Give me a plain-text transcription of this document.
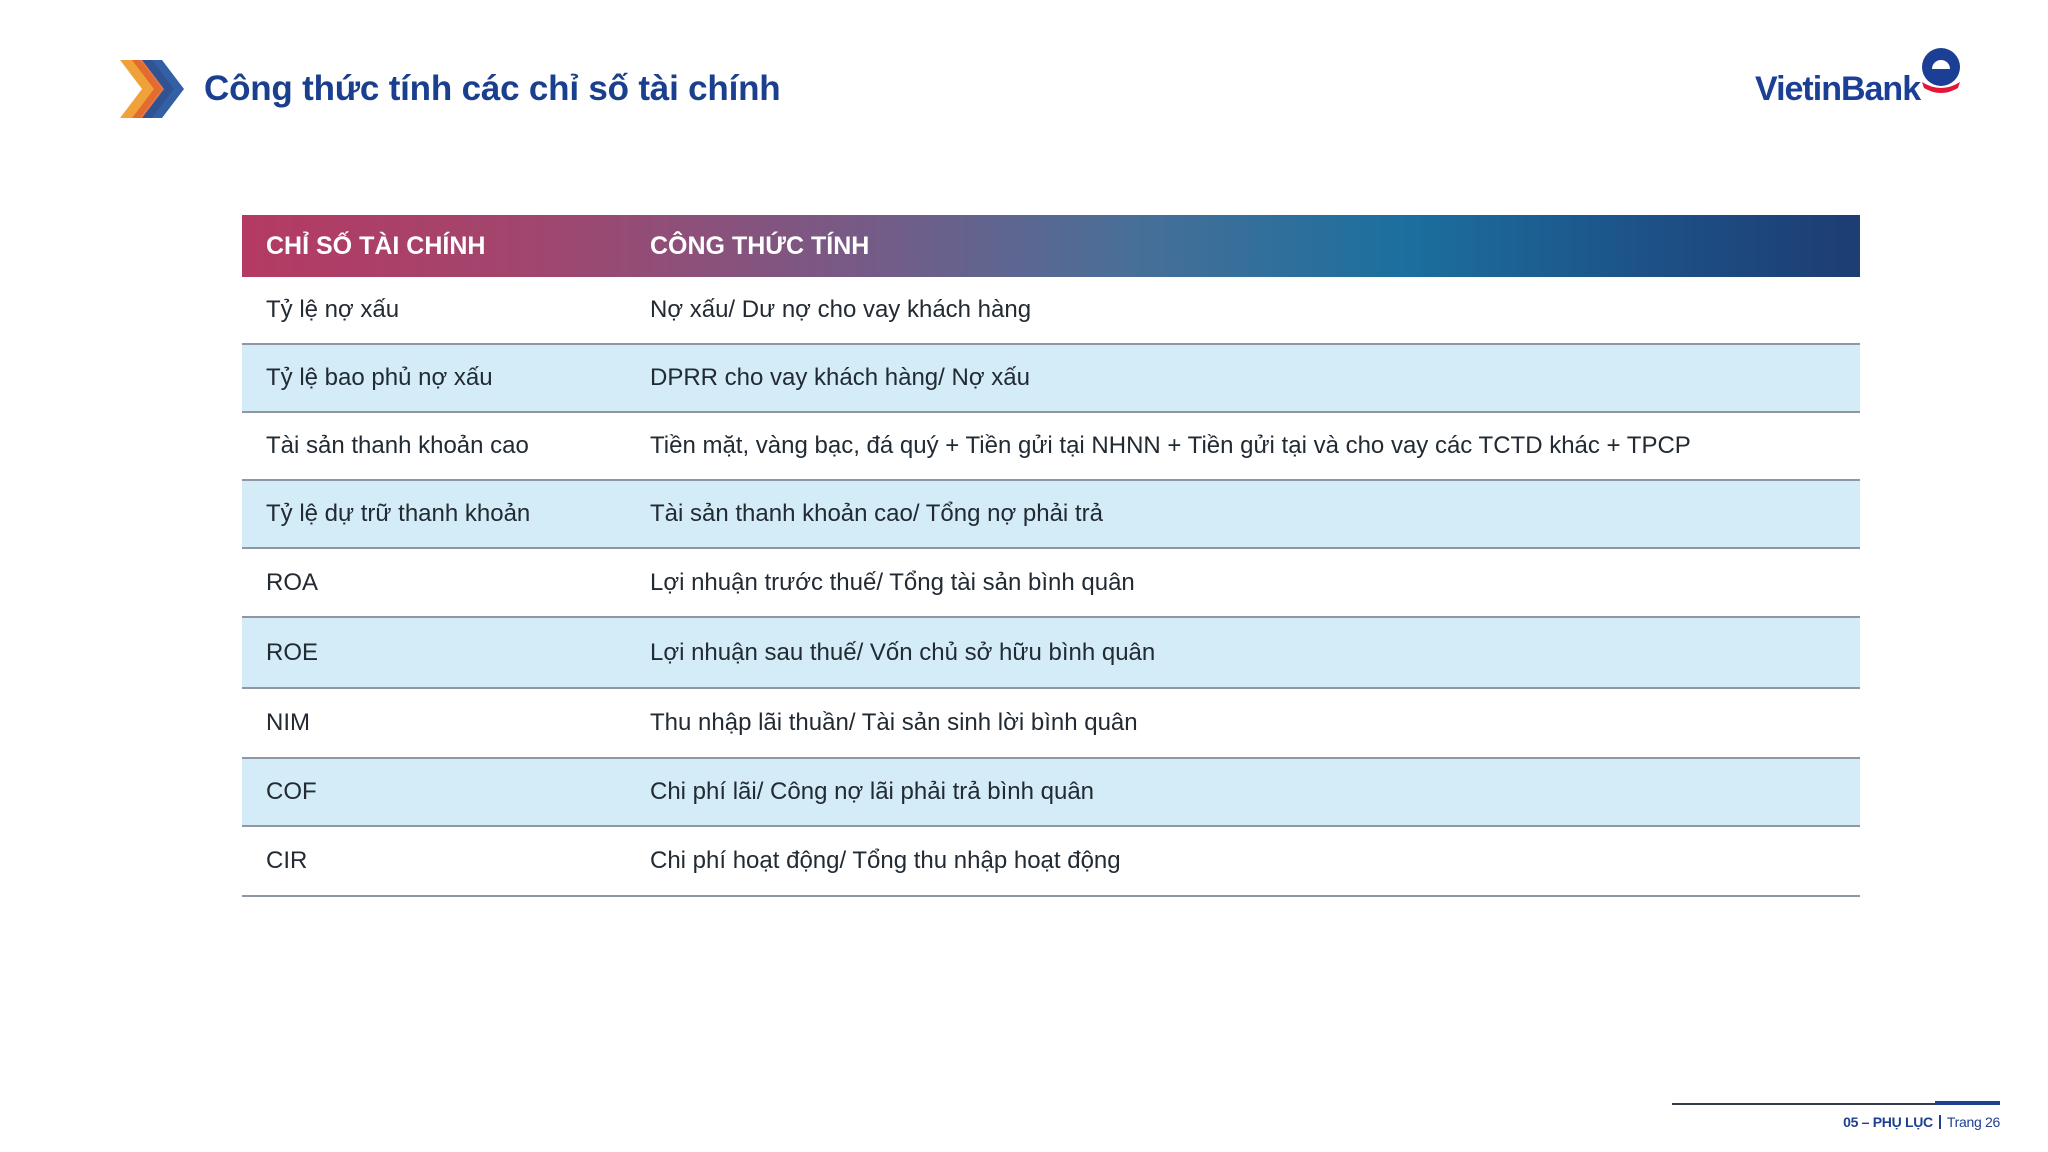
Công thức tính các chỉ số tài chính	VietinBank
CHỈ SỐ TÀI CHÍNH	CÔNG THỨC TÍNH
Tỷ lệ nợ xấu	Nợ xấu/ Dư nợ cho vay khách hàng
Tỷ lệ bao phủ nợ xấu	DPRR cho vay khách hàng/ Nợ xấu
Tài sản thanh khoản cao	Tiền mặt, vàng bạc, đá quý + Tiền gửi tại NHNN + Tiền gửi tại và cho vay các TCTD khác + TPCP
Tỷ lệ dự trữ thanh khoản	Tài sản thanh khoản cao/ Tổng nợ phải trả
ROA	Lợi nhuận trước thuế/ Tổng tài sản bình quân
ROE	Lợi nhuận sau thuế/ Vốn chủ sở hữu bình quân
NIM	Thu nhập lãi thuần/ Tài sản sinh lời bình quân
COF	Chi phí lãi/ Công nợ lãi phải trả bình quân
CIR	Chi phí hoạt động/ Tổng thu nhập hoạt động
05 – PHỤ LỤC Trang 26
